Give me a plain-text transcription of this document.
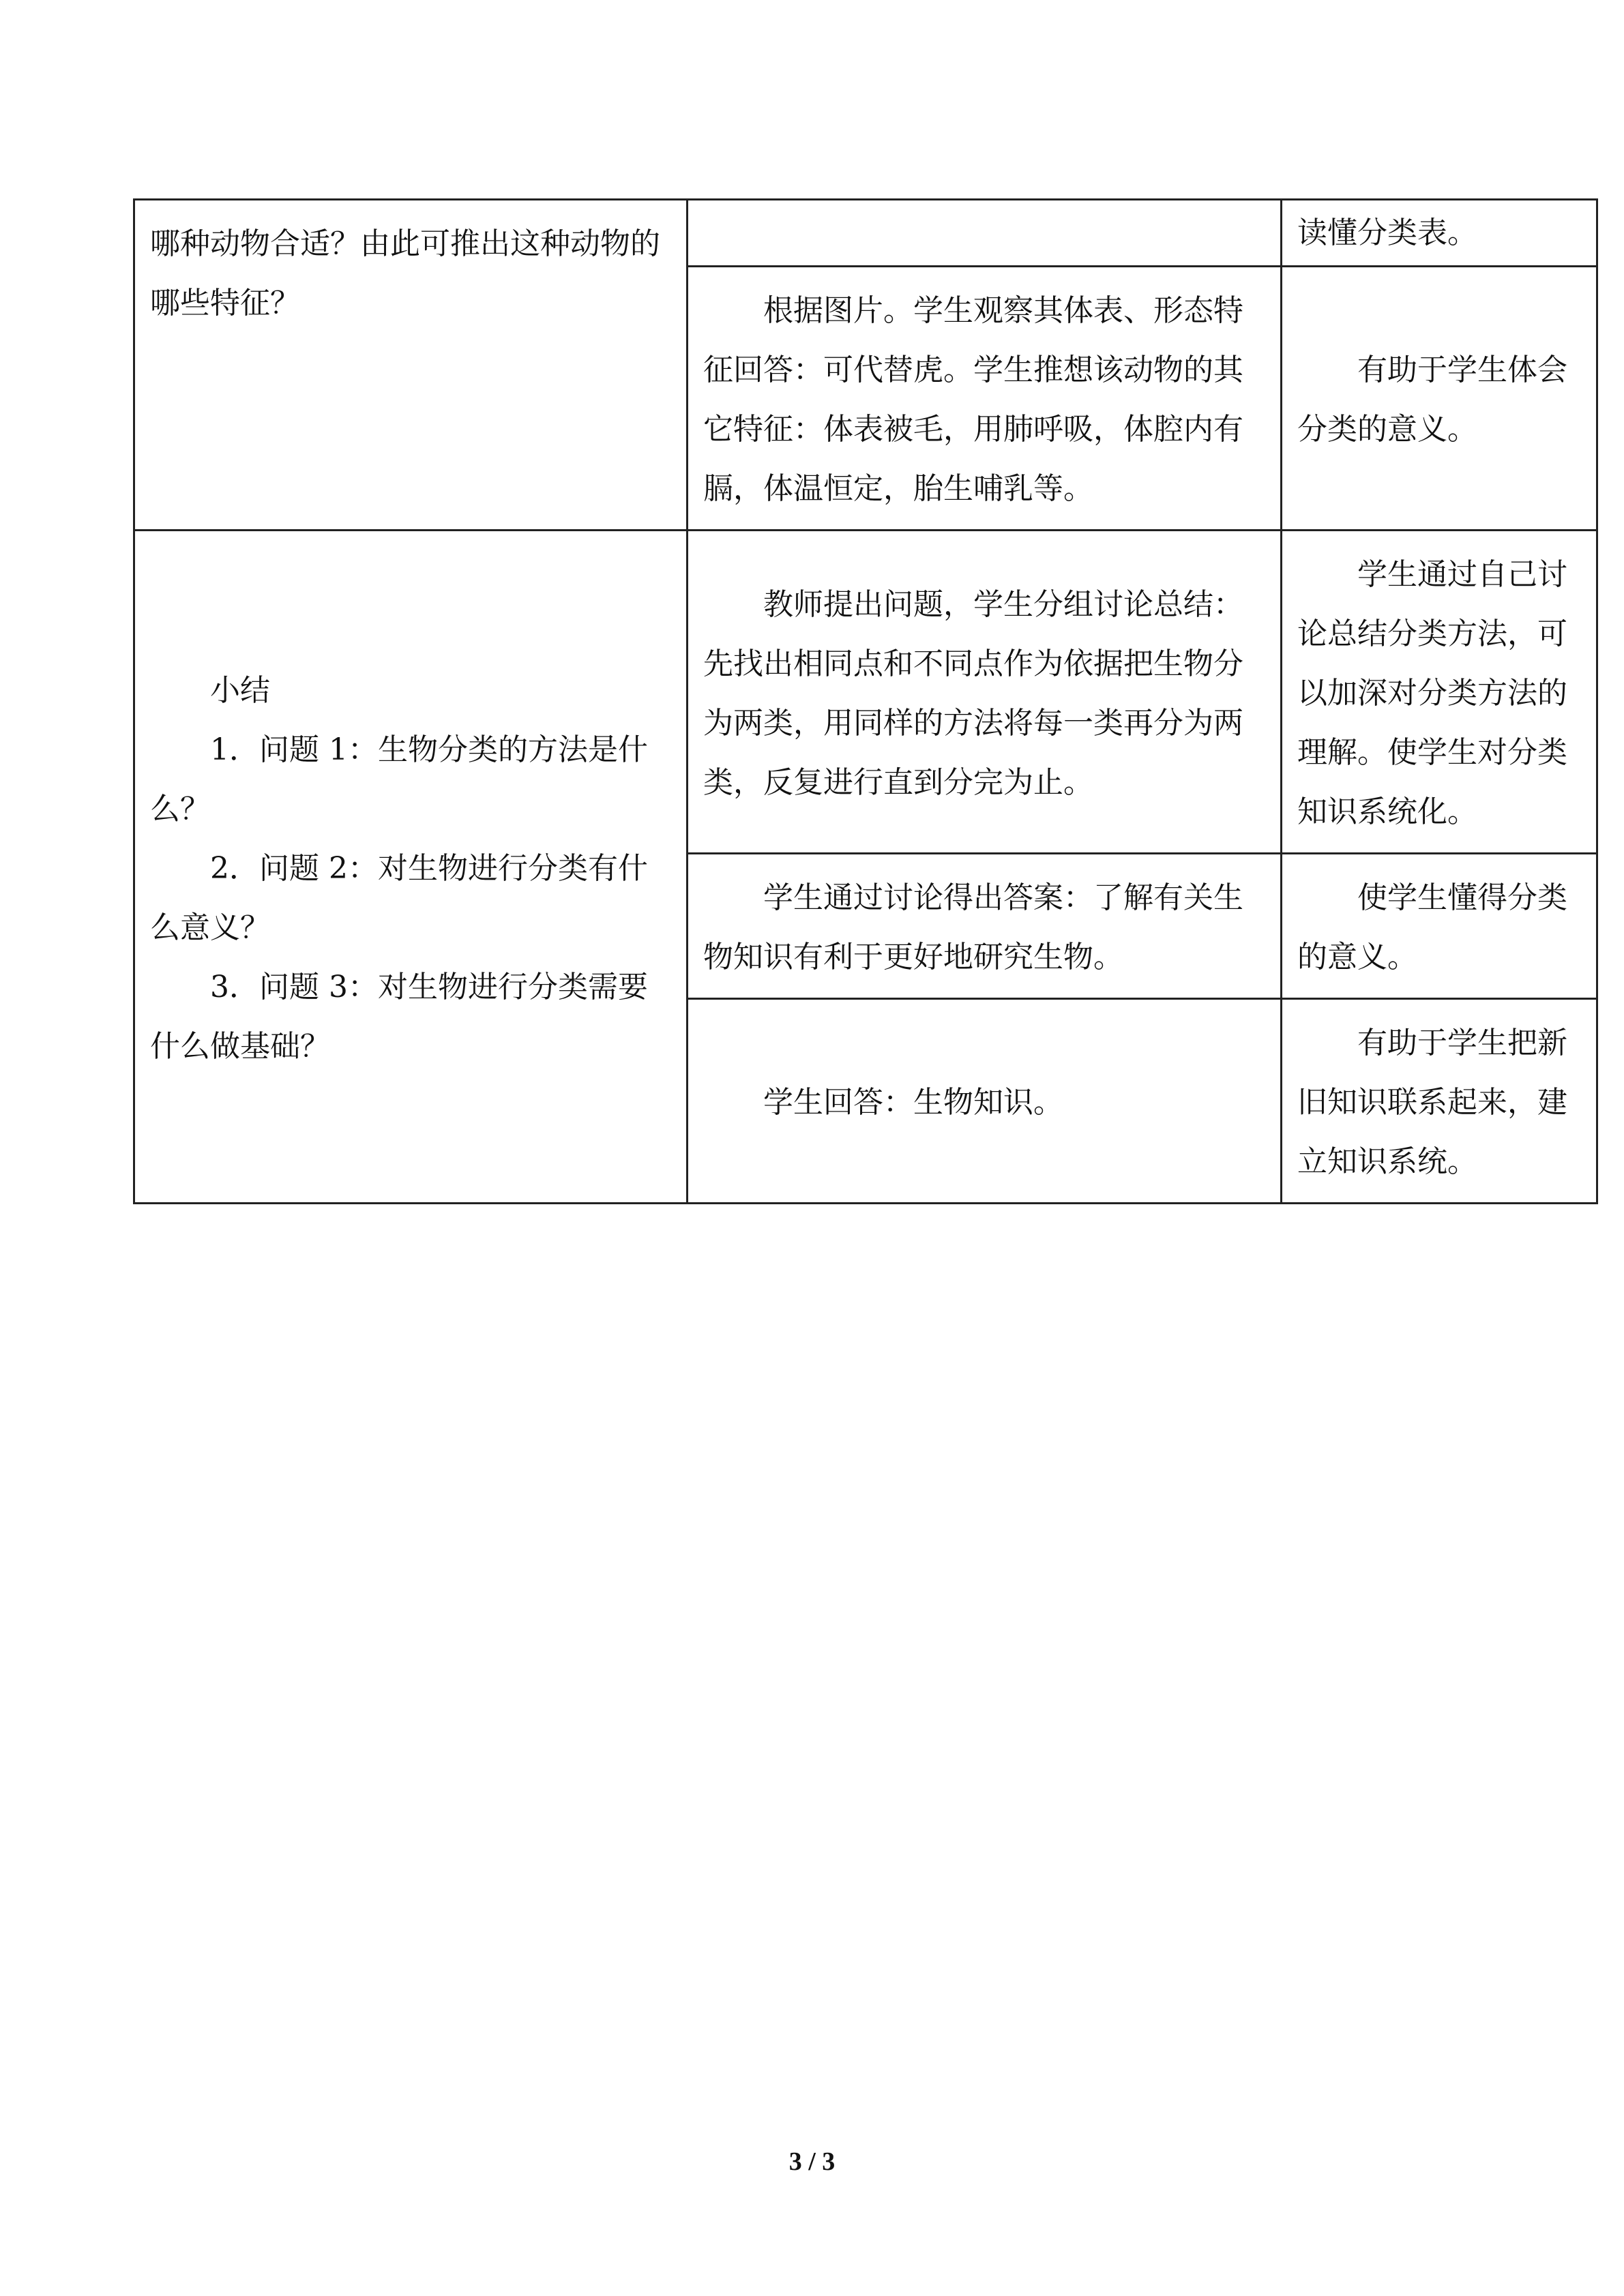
哪种动物合适？由此可推出这种动物的哪些特征？		读懂分类表。

	根据图片。学生观察其体表、形态特征回答：可代替虎。学生推想该动物的其它特征：体表被毛，用肺呼吸，体腔内有膈，体温恒定，胎生哺乳等。	有助于学生体会分类的意义。

小结
1．问题 1：生物分类的方法是什么？
2．问题 2：对生物进行分类有什么意义？
3．问题 3：对生物进行分类需要什么做基础？	教师提出问题，学生分组讨论总结：先找出相同点和不同点作为依据把生物分为两类，用同样的方法将每一类再分为两类，反复进行直到分完为止。	学生通过自己讨论总结分类方法，可以加深对分类方法的理解。使学生对分类知识系统化。

	学生通过讨论得出答案：了解有关生物知识有利于更好地研究生物。	使学生懂得分类的意义。

	学生回答：生物知识。	有助于学生把新旧知识联系起来，建立知识系统。
3 / 3
